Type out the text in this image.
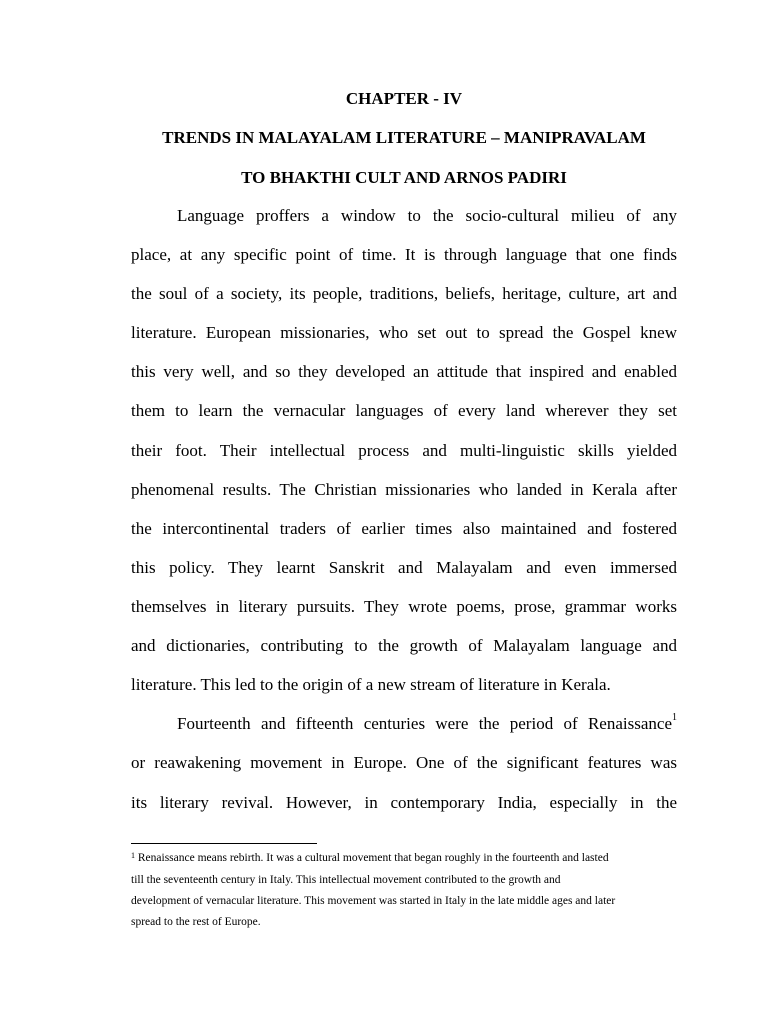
CHAPTER - IV
TRENDS IN MALAYALAM LITERATURE – MANIPRAVALAM
TO BHAKTHI CULT AND ARNOS PADIRI
Language proffers a window to the socio-cultural milieu of any
place, at any specific point of time. It is through language that one finds
the soul of a society, its people, traditions, beliefs, heritage, culture, art and
literature. European missionaries, who set out to spread the Gospel knew
this very well, and so they developed an attitude that inspired and enabled
them to learn the vernacular languages of every land wherever they set
their foot. Their intellectual process and multi-linguistic skills yielded
phenomenal results. The Christian missionaries who landed in Kerala after
the intercontinental traders of earlier times also maintained and fostered
this policy. They learnt Sanskrit and Malayalam and even immersed
themselves in literary pursuits. They wrote poems, prose, grammar works
and dictionaries, contributing to the growth of Malayalam language and
literature. This led to the origin of a new stream of literature in Kerala.
Fourteenth and fifteenth centuries were the period of Renaissance$^1$
or reawakening movement in Europe. One of the significant features was
its literary revival. However, in contemporary India, especially in the
$^1$ Renaissance means rebirth. It was a cultural movement that began roughly in the fourteenth and lasted
till the seventeenth century in Italy. This intellectual movement contributed to the growth and
development of vernacular literature. This movement was started in Italy in the late middle ages and later
spread to the rest of Europe.
